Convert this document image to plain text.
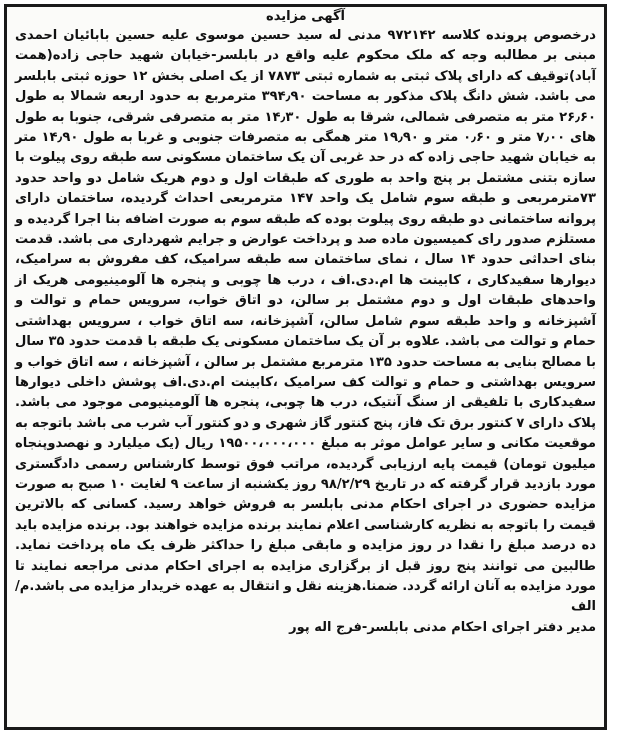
آگهی مزایده
درخصوص پرونده کلاسه ۹۷۲۱۴۲ مدنی له سید حسین موسوی علیه حسین بابائیان احمدی مبنی بر مطالبه وجه که ملک محکوم علیه واقع در بابلسر-خیابان شهید حاجی زاده(همت آباد)توقیف که دارای پلاک ثبتی به شماره ثبتی ۷۸۷۳ از یک اصلی بخش ۱۲ حوزه ثبتی بابلسر می باشد. شش دانگ پلاک مذکور به مساحت ۳۹۴٫۹۰ مترمربع به حدود اربعه شمالا به طول ۲۶٫۶۰ متر به متصرفی شمالی، شرقا به طول ۱۴٫۳۰ متر به متصرفی شرقی، جنوبا به طول های ۷٫۰۰ متر و ۰٫۶۰ متر و ۱۹٫۹۰ متر همگی به متصرفات جنوبی و غربا به طول ۱۴٫۹۰ متر به خیابان شهید حاجی زاده که در حد غربی آن یک ساختمان مسکونی سه طبقه روی پیلوت با سازه بتنی مشتمل بر پنج واحد به طوری که طبقات اول و دوم هریک شامل دو واحد حدود ۷۳مترمربعی و طبقه سوم شامل یک واحد ۱۴۷ مترمربعی احداث گردیده، ساختمان دارای پروانه ساختمانی دو طبقه روی پیلوت بوده که طبقه سوم به صورت اضافه بنا اجرا گردیده و مستلزم صدور رای کمیسیون ماده صد و پرداخت عوارض و جرایم شهرداری می باشد. قدمت بنای احداثی حدود ۱۴ سال ، نمای ساختمان سه طبقه سرامیک، کف مفروش به سرامیک، دیوارها سفیدکاری ، کابینت ها ام.دی.اف ، درب ها چوبی و پنجره ها آلومینیومی هریک از واحدهای طبقات اول و دوم مشتمل بر سالن، دو اتاق خواب، سرویس حمام و توالت و آشپزخانه و واحد طبقه سوم شامل سالن، آشپزخانه، سه اتاق خواب ، سرویس بهداشتی حمام و توالت می باشد. علاوه بر آن یک ساختمان مسکونی یک طبقه با قدمت حدود ۳۵ سال با مصالح بنایی به مساحت حدود ۱۳۵ مترمربع مشتمل بر سالن ، آشپزخانه ، سه اتاق خواب و سرویس بهداشتی و حمام و توالت کف سرامیک ،کابینت ام.دی.اف پوشش داخلی دیوارها سفیدکاری با تلفیقی از سنگ آنتیک، درب ها چوبی، پنجره ها آلومینیومی موجود می باشد. پلاک دارای ۷ کنتور برق تک فاز، پنج کنتور گاز شهری و دو کنتور آب شرب می باشد باتوجه به موقعیت مکانی و سایر عوامل موثر به مبلغ ۱۹۵۰۰،۰۰۰،۰۰۰ ریال (یک میلیارد و نهصدوپنجاه میلیون تومان) قیمت پایه ارزیابی گردیده، مراتب فوق توسط کارشناس رسمی دادگستری مورد بازدید قرار گرفته که در تاریخ ۹۸/۲/۲۹ روز یکشنبه از ساعت ۹ لغایت ۱۰ صبح به صورت مزایده حضوری در اجرای احکام مدنی بابلسر به فروش خواهد رسید. کسانی که بالاترین قیمت را باتوجه به نظریه کارشناسی اعلام نمایند برنده مزایده خواهند بود. برنده مزایده باید ده درصد مبلغ را نقدا در روز مزایده و مابقی مبلغ را حداکثر ظرف یک ماه پرداخت نماید. طالبین می توانند پنج روز قبل از برگزاری مزایده به اجرای احکام مدنی مراجعه نمایند تا مورد مزایده به آنان ارائه گردد. ضمنا.هزینه نقل و انتقال به عهده خریدار مزایده می باشد.م/الف
مدیر دفتر اجرای احکام مدنی بابلسر-فرج اله پور
